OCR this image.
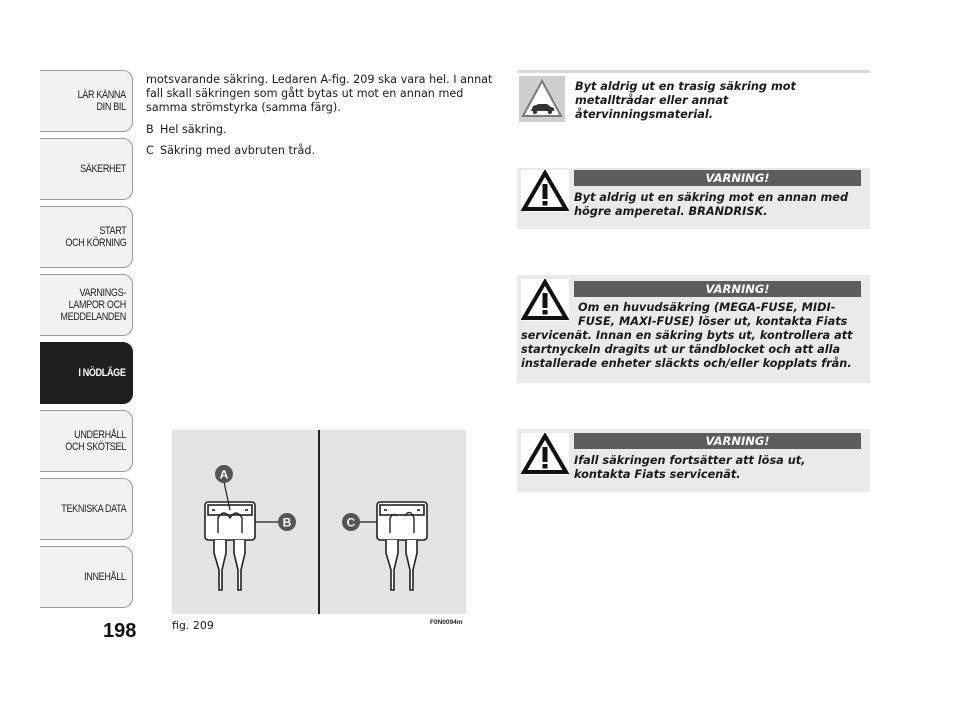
LÄR KÄNNA
DIN BIL
SÄKERHET
START
OCH KÖRNING
VARNINGS-
LAMPOR OCH
MEDDELANDEN
I NÖDLÄGE
UNDERHÅLL
OCH SKÖTSEL
TEKNISKA DATA
INNEHÅLL
198

motsvarande säkring. Ledaren A-fig. 209 ska vara hel. I annat fall skall säkringen som gått bytas ut mot en annan med samma strömstyrka (samma färg).

B Hel säkring.
C Säkring med avbruten tråd.
A
B	C
fig. 209	F0N0094m
Byt aldrig ut en trasig säkring mot metalltrådar eller annat återvinningsmaterial.
VARNING!
Byt aldrig ut en säkring mot en annan med högre amperetal. BRANDRISK.
VARNING!
Om en huvudsäkring (MEGA-FUSE, MIDI-FUSE, MAXI-FUSE) löser ut, kontakta Fiats servicenät. Innan en säkring byts ut, kontrollera att startnyckeln dragits ut ur tändblocket och att alla installerade enheter släckts och/eller kopplats från.
VARNING!
Ifall säkringen fortsätter att lösa ut, kontakta Fiats servicenät.
